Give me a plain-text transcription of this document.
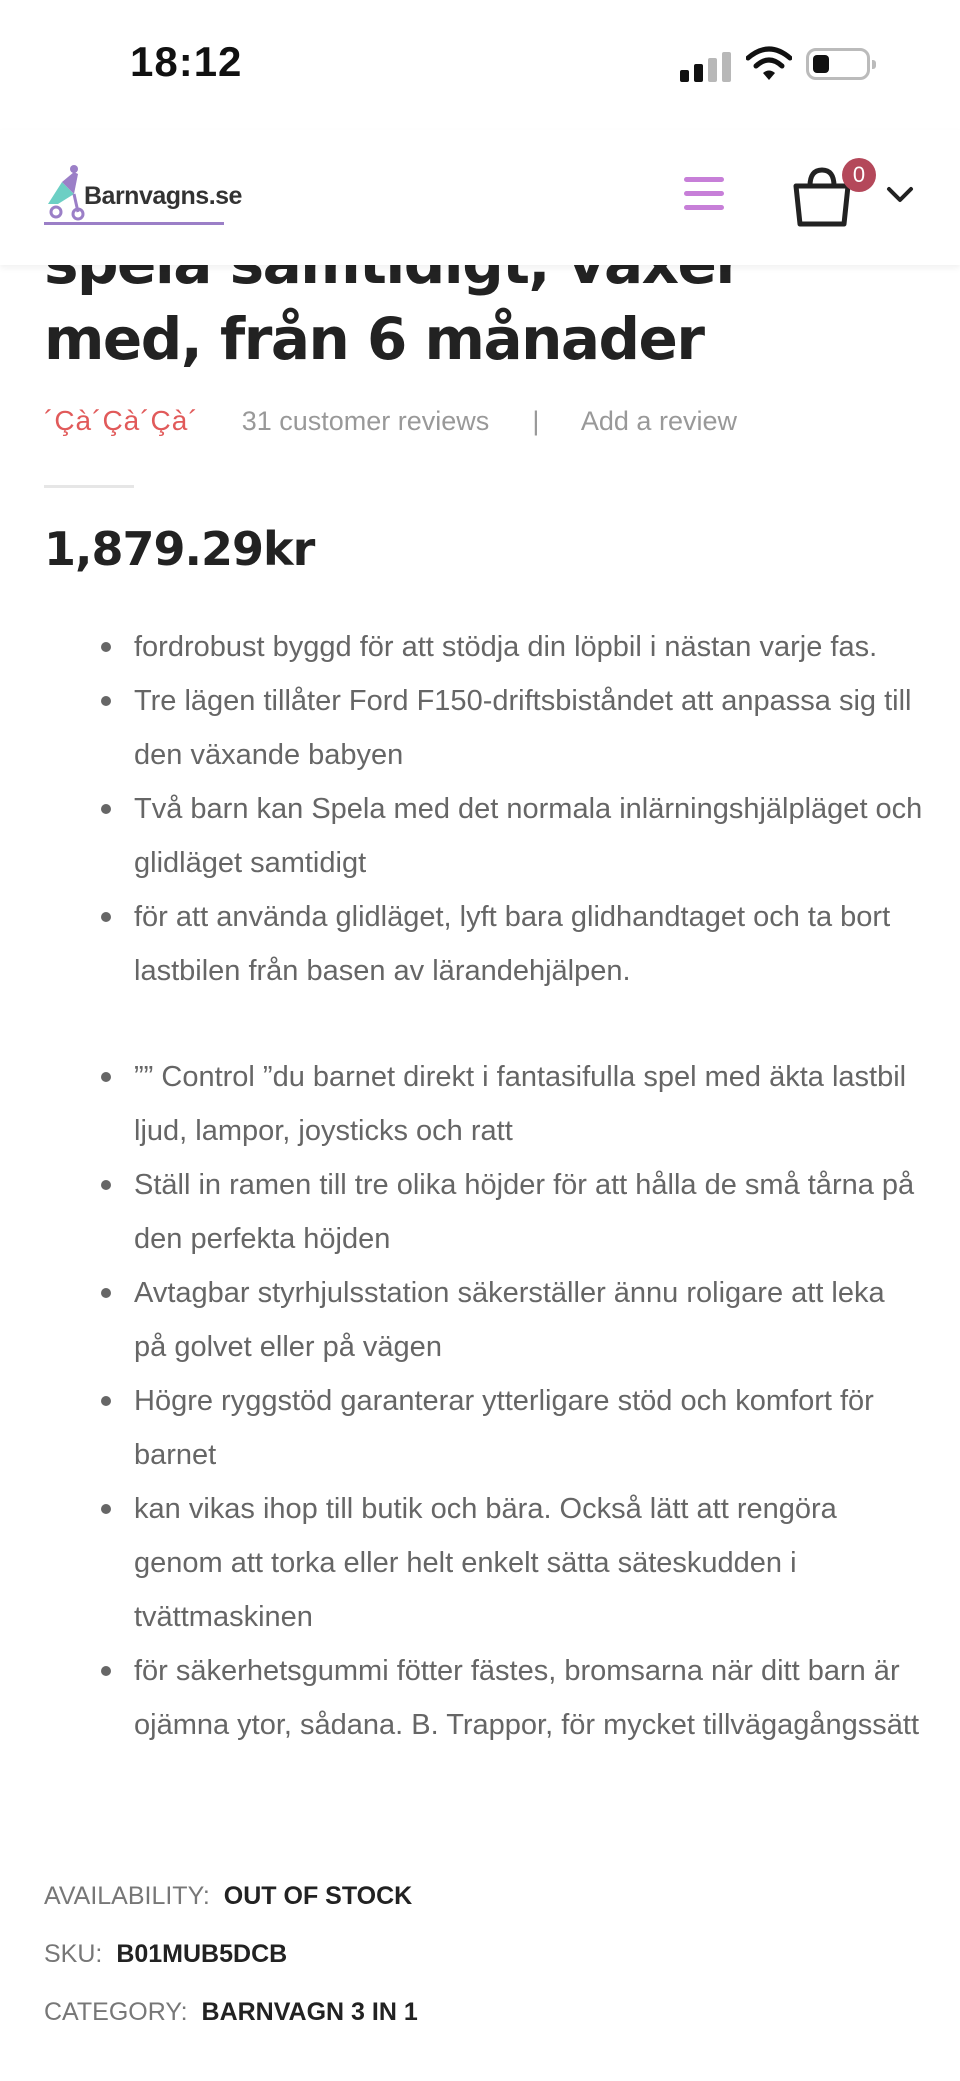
18:12
Barnvagns.se
0
med, från 6 månader
´Çà´Çà´Çà´ 31 customer reviews | Add a review
1,879.29kr
fordrobust byggd för att stödja din löpbil i nästan varje fas.
Tre lägen tillåter Ford F150-driftsbiståndet att anpassa sig till den växande babyen
Två barn kan Spela med det normala inlärningshjälpläget och glidläget samtidigt
för att använda glidläget, lyft bara glidhandtaget och ta bort lastbilen från basen av lärandehjälpen.
”” Control ”du barnet direkt i fantasifulla spel med äkta lastbil ljud, lampor, joysticks och ratt
Ställ in ramen till tre olika höjder för att hålla de små tårna på den perfekta höjden
Avtagbar styrhjulsstation säkerställer ännu roligare att leka på golvet eller på vägen
Högre ryggstöd garanterar ytterligare stöd och komfort för barnet
kan vikas ihop till butik och bära. Också lätt att rengöra genom att torka eller helt enkelt sätta säteskudden i tvättmaskinen
för säkerhetsgummi fötter fästes, bromsarna när ditt barn är ojämna ytor, sådana. B. Trappor, för mycket tillvägagångssätt
AVAILABILITY: OUT OF STOCK
SKU: B01MUB5DCB
CATEGORY: BARNVAGN 3 IN 1
